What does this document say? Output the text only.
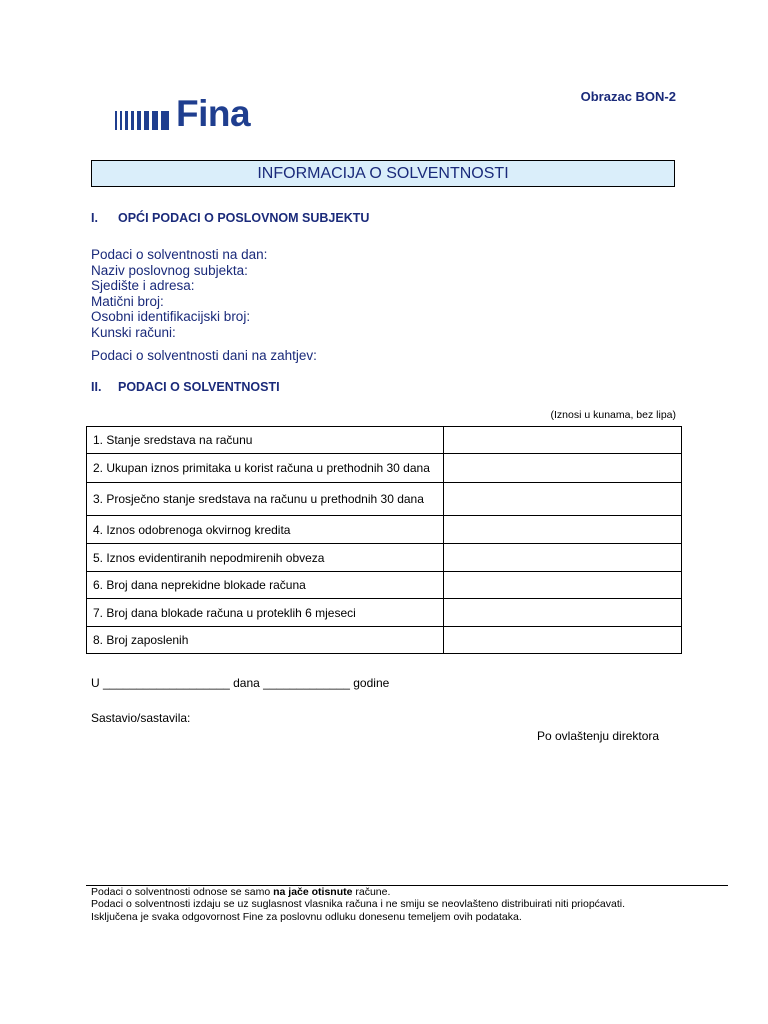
Fina	Obrazac BON-2
INFORMACIJA O SOLVENTNOSTI
I. OPĆI PODACI O POSLOVNOM SUBJEKTU
Podaci o solventnosti na dan:
Naziv poslovnog subjekta:
Sjedište i adresa:
Matični broj:
Osobni identifikacijski broj:
Kunski računi:
Podaci o solventnosti dani na zahtjev:
II. PODACI O SOLVENTNOSTI
(Iznosi u kunama, bez lipa)
1. Stanje sredstava na računu	
2. Ukupan iznos primitaka u korist računa u prethodnih 30 dana	
3. Prosječno stanje sredstava na računu u prethodnih 30 dana	
4. Iznos odobrenoga okvirnog kredita	
5. Iznos evidentiranih nepodmirenih obveza	
6. Broj dana neprekidne blokade računa	
7. Broj dana blokade računa u proteklih 6 mjeseci	
8. Broj zaposlenih	
U ___________________ dana _____________ godine
Sastavio/sastavila:
Po ovlaštenju direktora

Podaci o solventnosti odnose se samo na jače otisnute račune.

Podaci o solventnosti izdaju se uz suglasnost vlasnika računa i ne smiju se neovlašteno distribuirati niti priopćavati.

Isključena je svaka odgovornost Fine za poslovnu odluku donesenu temeljem ovih podataka.
